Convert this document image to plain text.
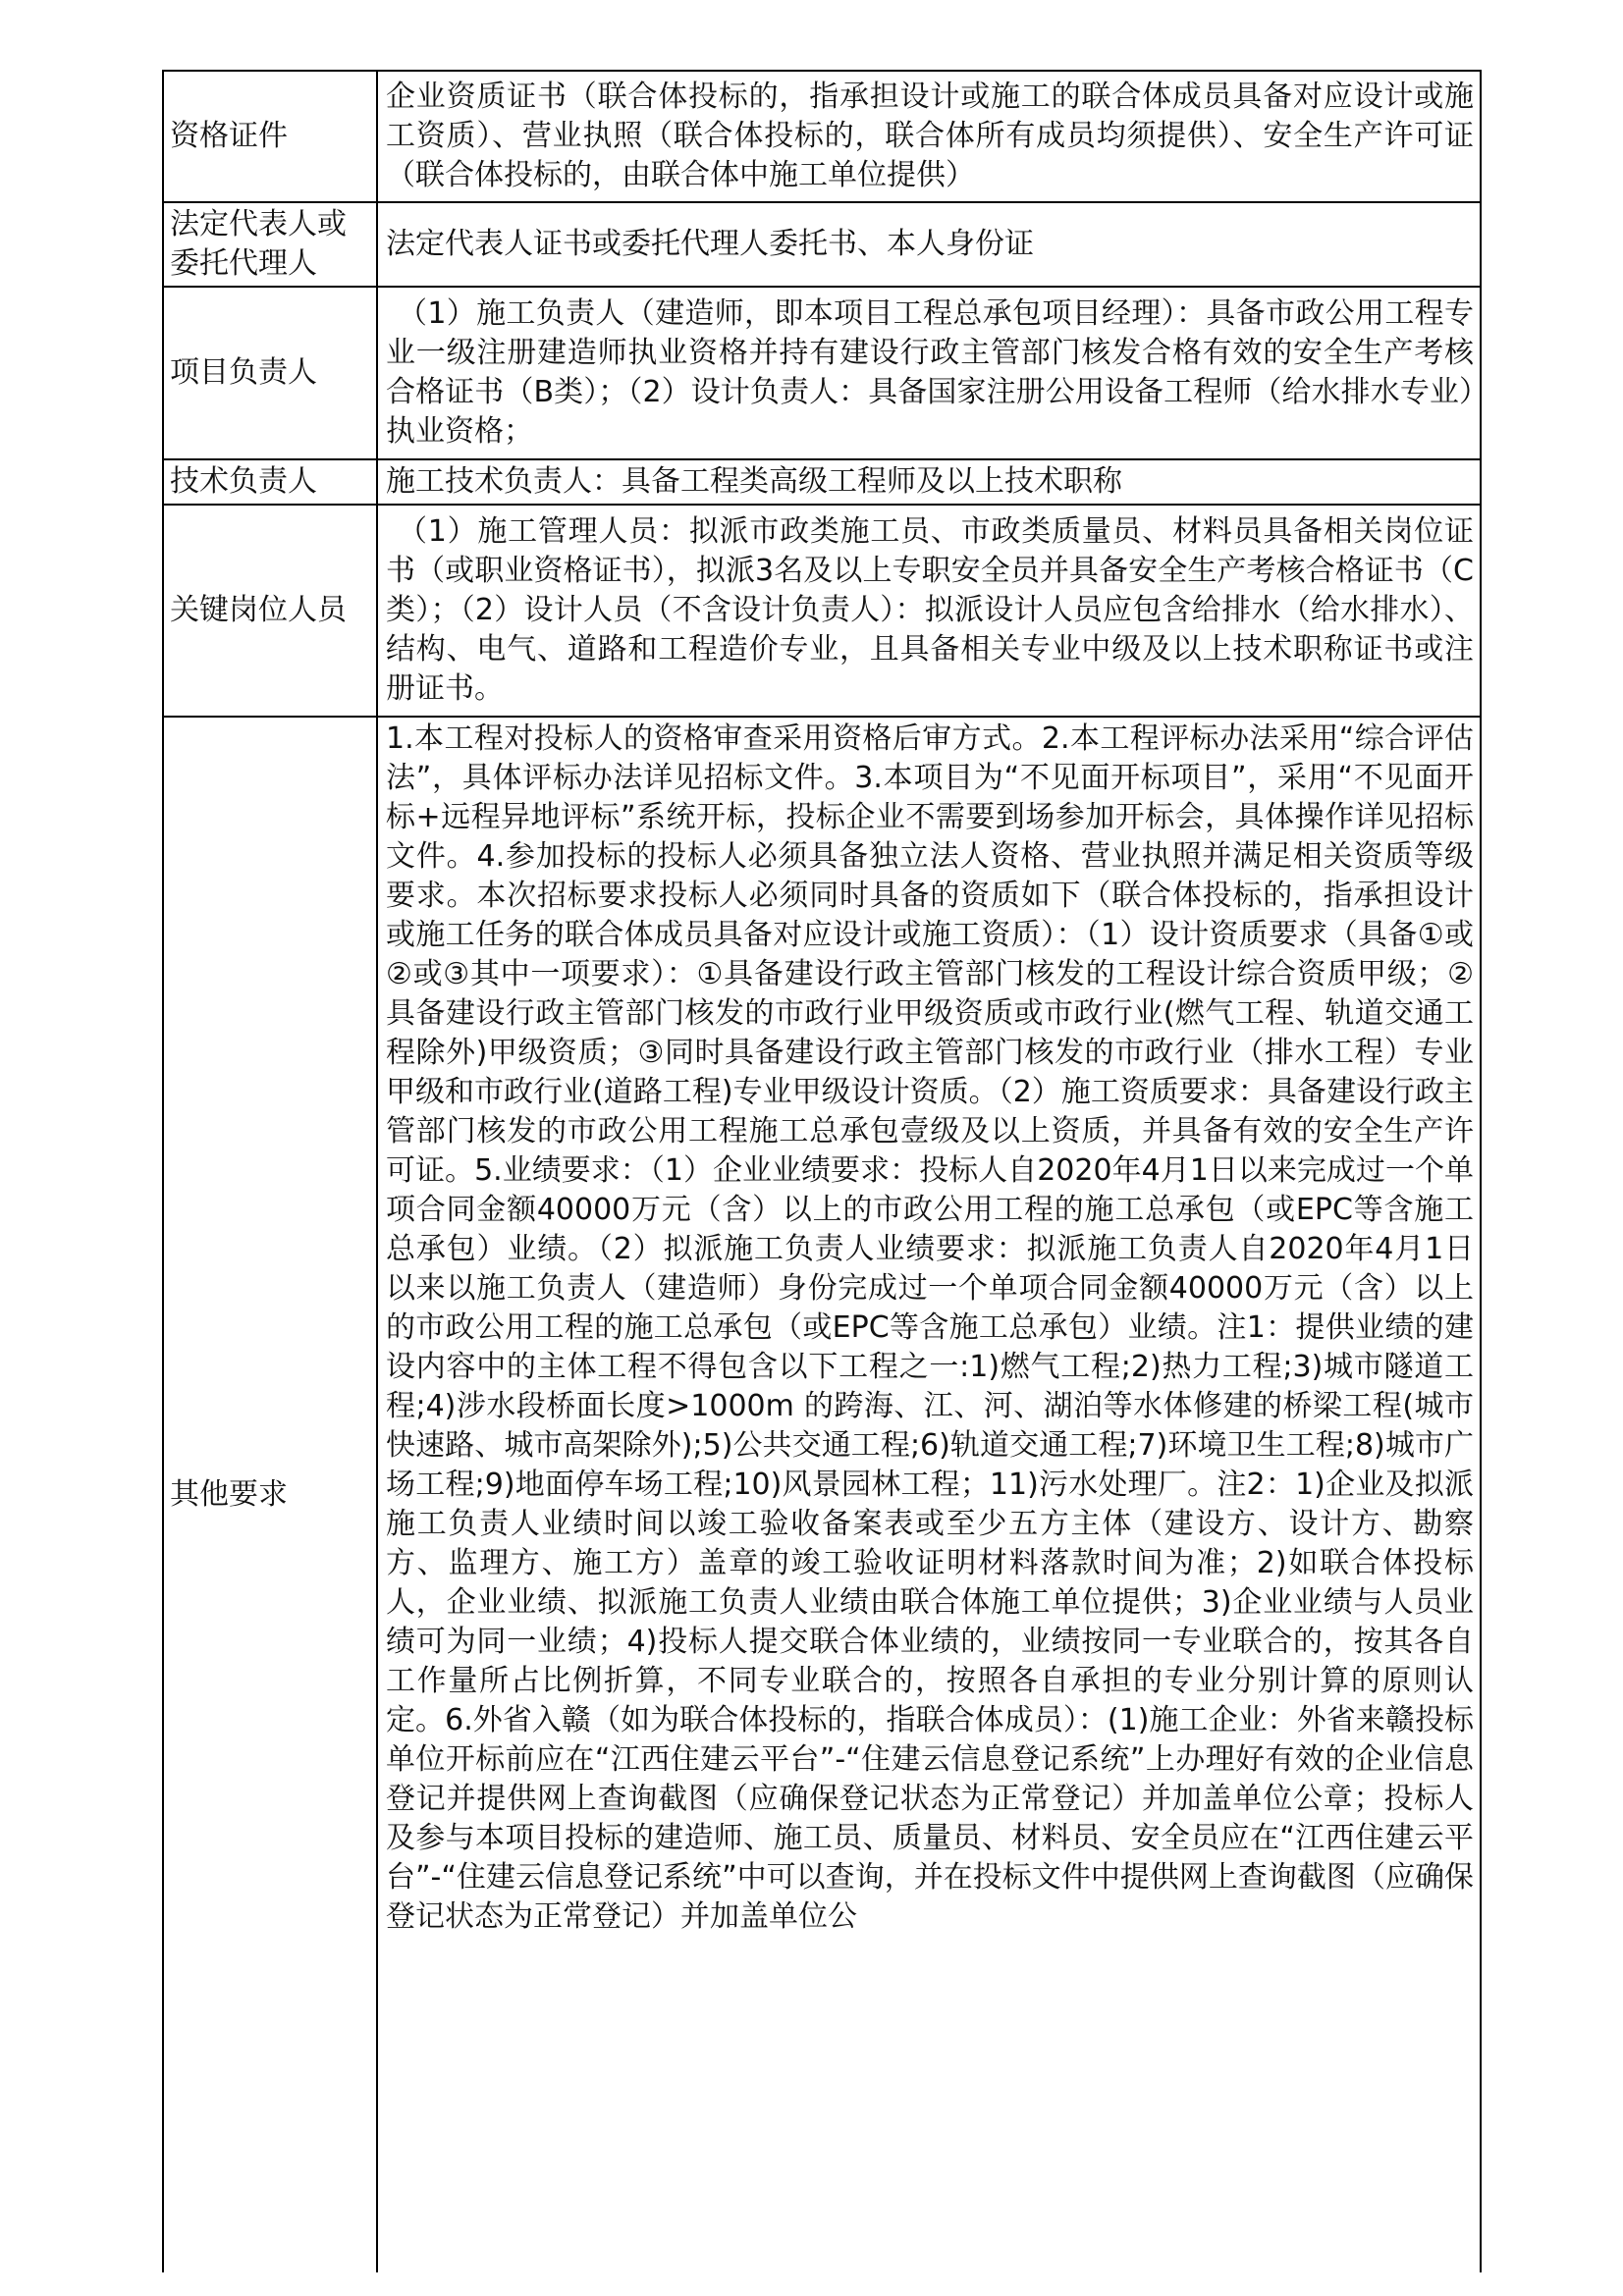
资格证件	企业资质证书（联合体投标的，指承担设计或施工的联合体成员具备对应设计或施工资质）、营业执照（联合体投标的，联合体所有成员均须提供）、安全生产许可证（联合体投标的，由联合体中施工单位提供）
法定代表人或委托代理人	法定代表人证书或委托代理人委托书、本人身份证
项目负责人	（1）施工负责人（建造师，即本项目工程总承包项目经理）：具备市政公用工程专业一级注册建造师执业资格并持有建设行政主管部门核发合格有效的安全生产考核合格证书（B类）；（2）设计负责人：具备国家注册公用设备工程师（给水排水专业）执业资格；
技术负责人	施工技术负责人：具备工程类高级工程师及以上技术职称
关键岗位人员	（1）施工管理人员：拟派市政类施工员、市政类质量员、材料员具备相关岗位证书（或职业资格证书），拟派3名及以上专职安全员并具备安全生产考核合格证书（C类）；（2）设计人员（不含设计负责人）：拟派设计人员应包含给排水（给水排水）、结构、电气、道路和工程造价专业，且具备相关专业中级及以上技术职称证书或注册证书。
其他要求	1.本工程对投标人的资格审查采用资格后审方式。2.本工程评标办法采用“综合评估法”，具体评标办法详见招标文件。3.本项目为“不见面开标项目”，采用“不见面开标+远程异地评标”系统开标，投标企业不需要到场参加开标会，具体操作详见招标文件。4.参加投标的投标人必须具备独立法人资格、营业执照并满足相关资质等级要求。本次招标要求投标人必须同时具备的资质如下（联合体投标的，指承担设计或施工任务的联合体成员具备对应设计或施工资质）：（1）设计资质要求（具备①或②或③其中一项要求）：①具备建设行政主管部门核发的工程设计综合资质甲级；②具备建设行政主管部门核发的市政行业甲级资质或市政行业(燃气工程、轨道交通工程除外)甲级资质；③同时具备建设行政主管部门核发的市政行业（排水工程）专业甲级和市政行业(道路工程)专业甲级设计资质。（2）施工资质要求：具备建设行政主管部门核发的市政公用工程施工总承包壹级及以上资质，并具备有效的安全生产许可证。5.业绩要求：（1）企业业绩要求：投标人自2020年4月1日以来完成过一个单项合同金额40000万元（含）以上的市政公用工程的施工总承包（或EPC等含施工总承包）业绩。（2）拟派施工负责人业绩要求：拟派施工负责人自2020年4月1日以来以施工负责人（建造师）身份完成过一个单项合同金额40000万元（含）以上的市政公用工程的施工总承包（或EPC等含施工总承包）业绩。注1：提供业绩的建设内容中的主体工程不得包含以下工程之一:1)燃气工程;2)热力工程;3)城市隧道工程;4)涉水段桥面长度>1000m 的跨海、江、河、湖泊等水体修建的桥梁工程(城市快速路、城市高架除外);5)公共交通工程;6)轨道交通工程;7)环境卫生工程;8)城市广场工程;9)地面停车场工程;10)风景园林工程；11)污水处理厂。注2：1)企业及拟派施工负责人业绩时间以竣工验收备案表或至少五方主体（建设方、设计方、勘察方、监理方、施工方）盖章的竣工验收证明材料落款时间为准；2)如联合体投标人，企业业绩、拟派施工负责人业绩由联合体施工单位提供；3)企业业绩与人员业绩可为同一业绩；4)投标人提交联合体业绩的，业绩按同一专业联合的，按其各自工作量所占比例折算，不同专业联合的，按照各自承担的专业分别计算的原则认定。6.外省入赣（如为联合体投标的，指联合体成员）：(1)施工企业：外省来赣投标单位开标前应在“江西住建云平台”-“住建云信息登记系统”上办理好有效的企业信息登记并提供网上查询截图（应确保登记状态为正常登记）并加盖单位公章；投标人及参与本项目投标的建造师、施工员、质量员、材料员、安全员应在“江西住建云平台”-“住建云信息登记系统”中可以查询，并在投标文件中提供网上查询截图（应确保登记状态为正常登记）并加盖单位公
